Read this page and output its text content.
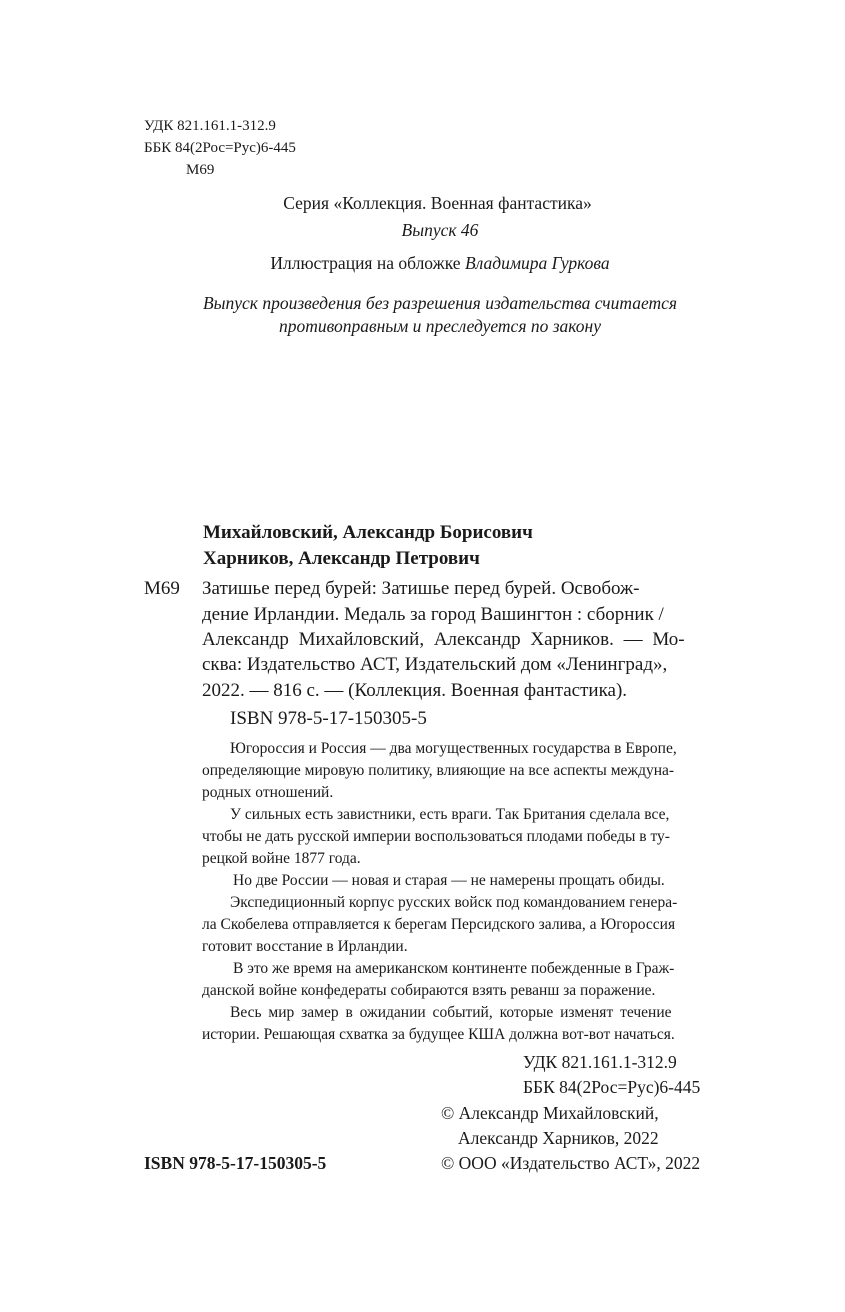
УДК 821.161.1-312.9
ББК 84(2Рос=Рус)6-445
М69
Серия «Коллекция. Военная фантастика»
Выпуск 46
Иллюстрация на обложке Владимира Гуркова
Выпуск произведения без разрешения издательства считается
противоправным и преследуется по закону
Михайловский, Александр Борисович
Харников, Александр Петрович
М69 Затишье перед бурей: Затишье перед бурей. Освобож-
дение Ирландии. Медаль за город Вашингтон : сборник /
Александр Михайловский, Александр Харников. — Мо-
сква: Издательство АСТ, Издательский дом «Ленинград»,
2022. — 816 с. — (Коллекция. Военная фантастика).
ISBN 978-5-17-150305-5
Югороссия и Россия — два могущественных государства в Европе,
определяющие мировую политику, влияющие на все аспекты междуна-
родных отношений.
У сильных есть завистники, есть враги. Так Британия сделала все,
чтобы не дать русской империи воспользоваться плодами победы в ту-
рецкой войне 1877 года.
Но две России — новая и старая — не намерены прощать обиды.
Экспедиционный корпус русских войск под командованием генера-
ла Скобелева отправляется к берегам Персидского залива, а Югороссия
готовит восстание в Ирландии.
В это же время на американском континенте побежденные в Граж-
данской войне конфедераты собираются взять реванш за поражение.
Весь мир замер в ожидании событий, которые изменят течение
истории. Решающая схватка за будущее КША должна вот-вот начаться.
УДК 821.161.1-312.9
ББК 84(2Рос=Рус)6-445
© Александр Михайловский,
Александр Харников, 2022
© ООО «Издательство АСТ», 2022
ISBN 978-5-17-150305-5
